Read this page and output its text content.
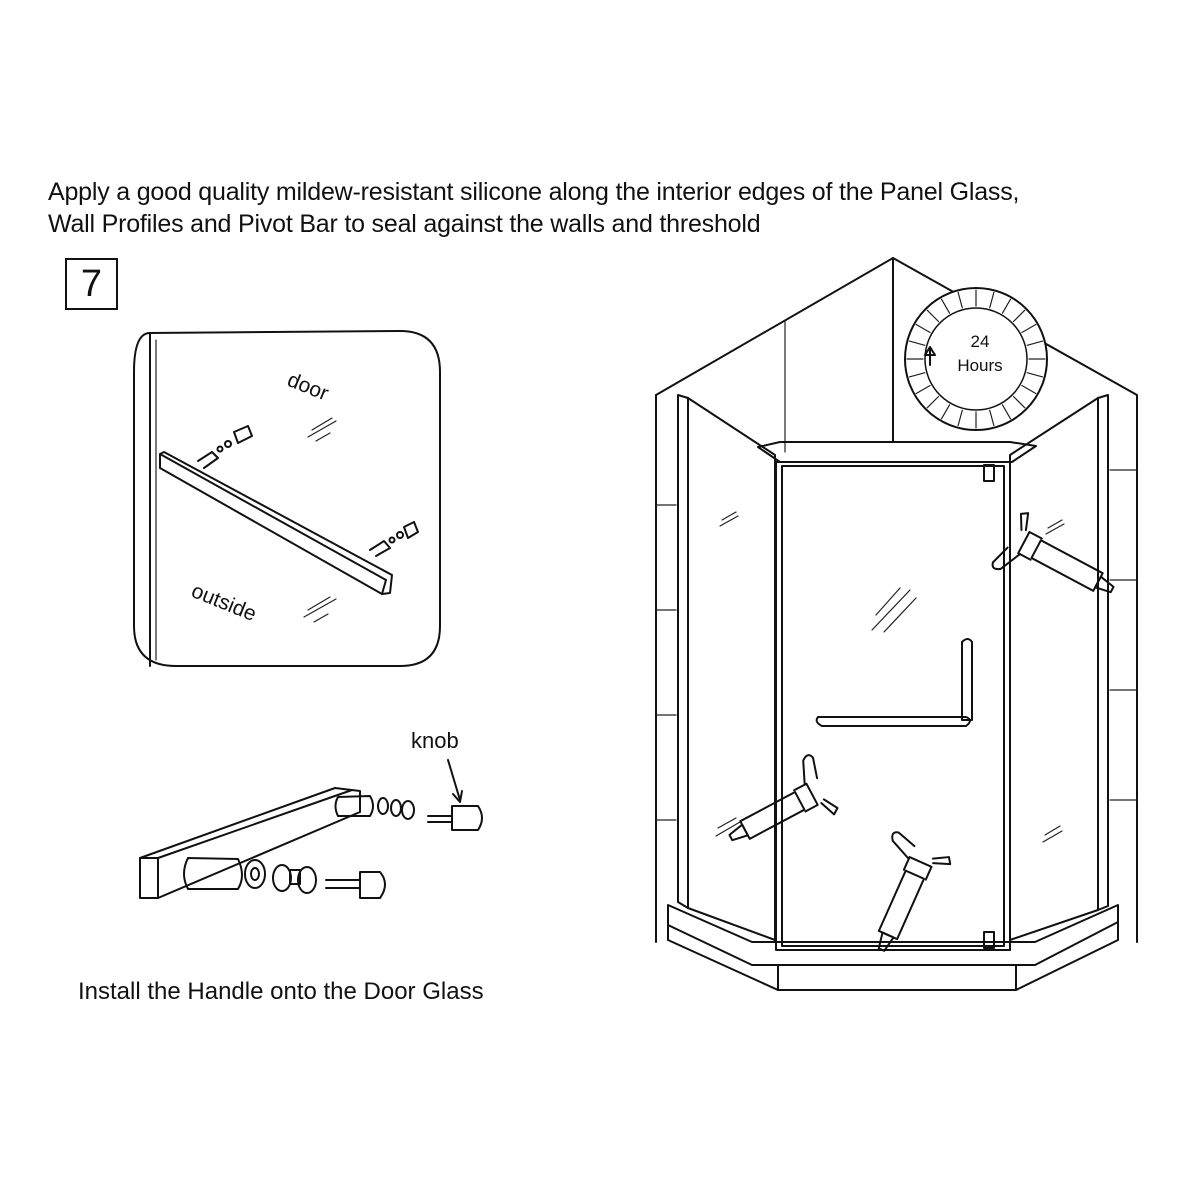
Apply a good quality mildew-resistant silicone along the interior edges of the Panel Glass,
Wall Profiles and Pivot Bar to seal against the walls and threshold
7
door
outside
knob
24
Hours
Install the Handle onto the Door Glass
